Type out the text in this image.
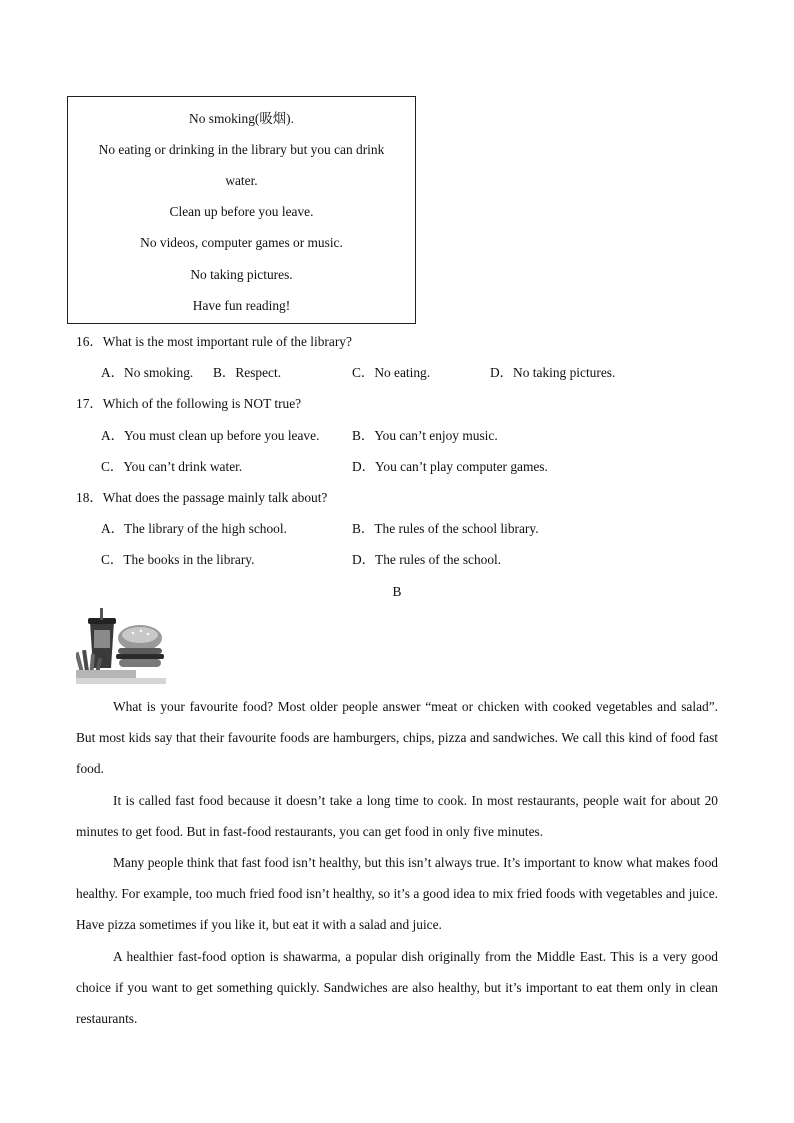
No smoking(吸烟).
No eating or drinking in the library but you can drink
water.
Clean up before you leave.
No videos, computer games or music.
No taking pictures.
Have fun reading!
16．What is the most important rule of the library?
A．No smoking. B．Respect.	C．No eating.	D．No taking pictures.
17．Which of the following is NOT true?
A．You must clean up before you leave. B．You can’t enjoy music.
C．You can’t drink water.	D．You can’t play computer games.
18．What does the passage mainly talk about?
A．The library of the high school.	B．The rules of the school library.
C．The books in the library.	D．The rules of the school.
B

What is your favourite food? Most older people answer “meat or chicken with cooked vegetables and salad”. But most kids say that their favourite foods are hamburgers, chips, pizza and sandwiches. We call this kind of food fast food.

It is called fast food because it doesn’t take a long time to cook. In most restaurants, people wait for about 20 minutes to get food. But in fast-food restaurants, you can get food in only five minutes.

Many people think that fast food isn’t healthy, but this isn’t always true. It’s important to know what makes food healthy. For example, too much fried food isn’t healthy, so it’s a good idea to mix fried foods with vegetables and juice. Have pizza sometimes if you like it, but eat it with a salad and juice.

A healthier fast-food option is shawarma, a popular dish originally from the Middle East. This is a very good choice if you want to get something quickly. Sandwiches are also healthy, but it’s important to eat them only in clean restaurants.
